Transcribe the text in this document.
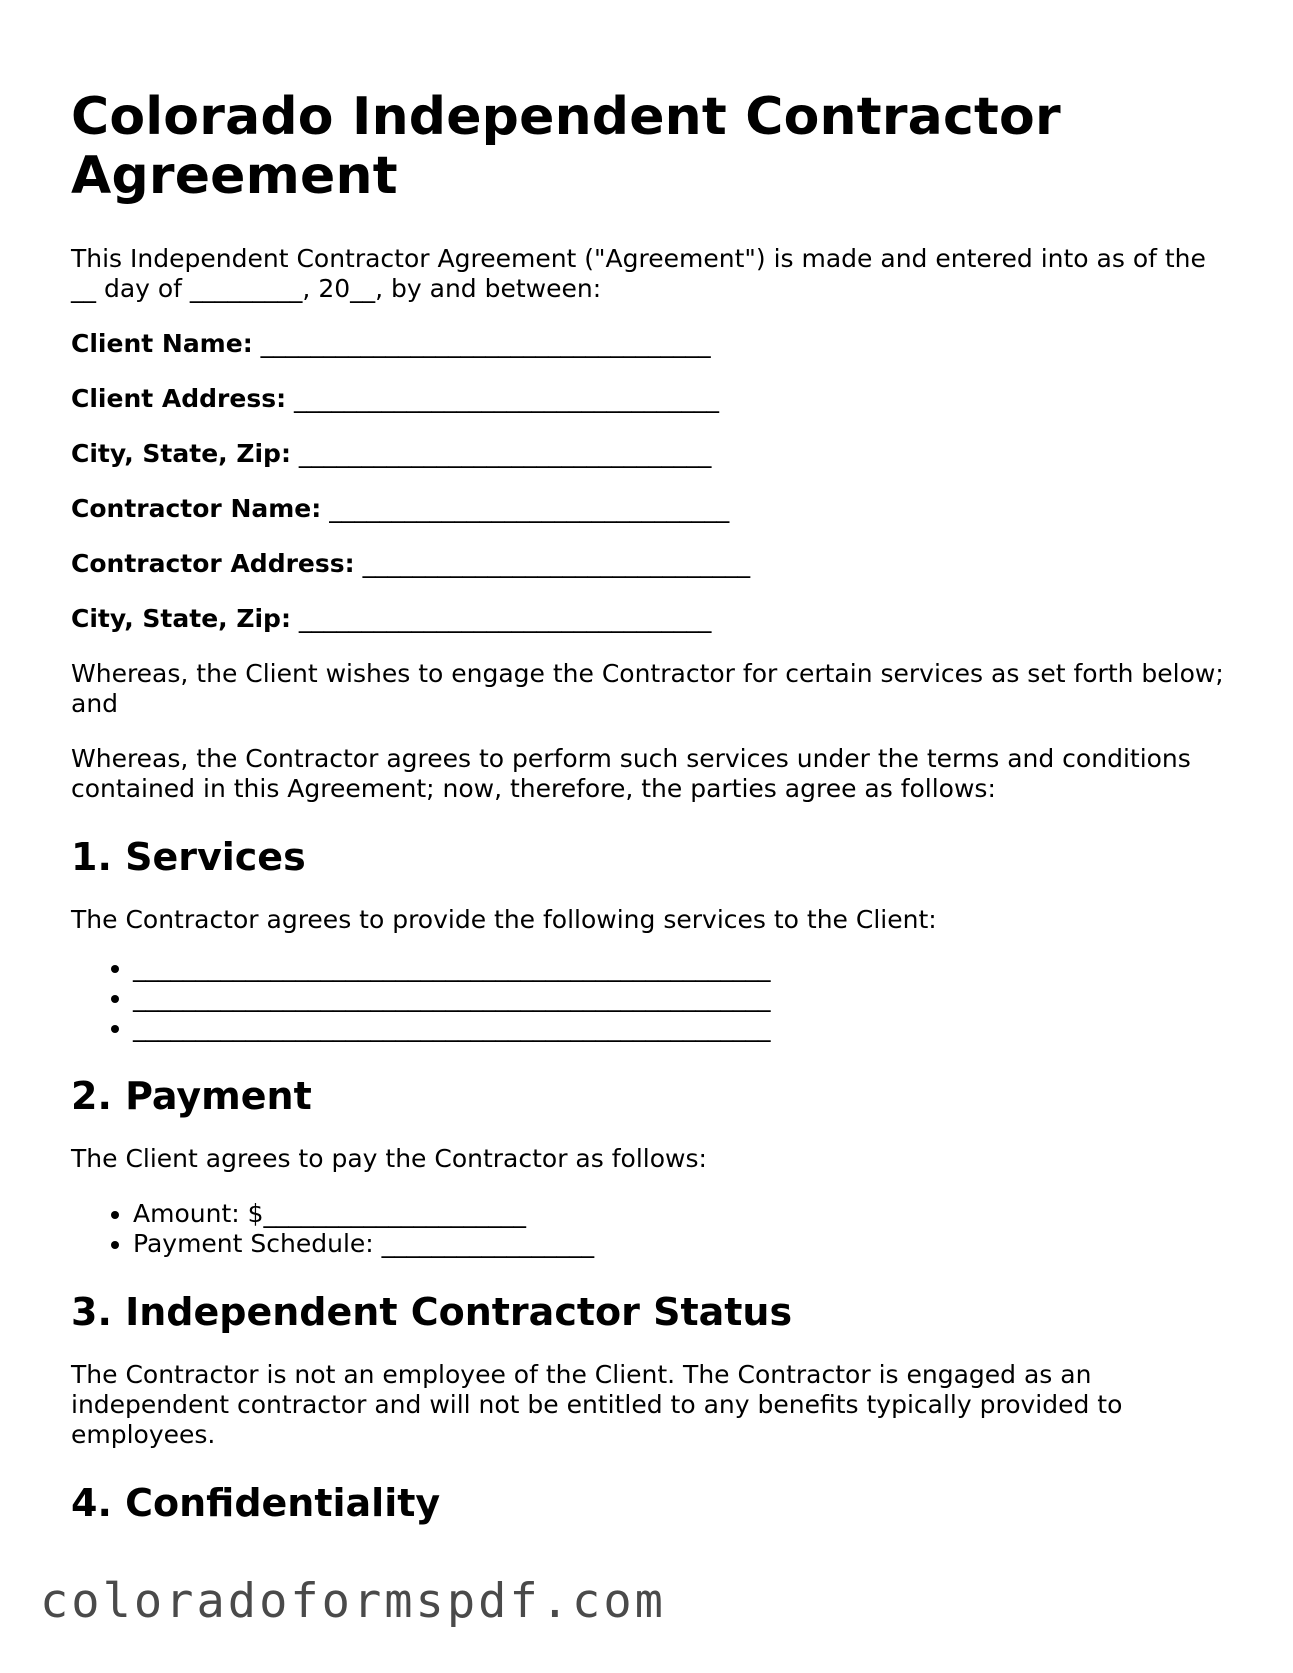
Colorado Independent Contractor Agreement

This Independent Contractor Agreement ("Agreement") is made and entered into as of the __ day of _________, 20__, by and between:

Client Name: ____________________________________
Client Address: __________________________________
City, State, Zip: _________________________________
Contractor Name: ________________________________
Contractor Address: _______________________________
City, State, Zip: _________________________________

Whereas, the Client wishes to engage the Contractor for certain services as set forth below; and

Whereas, the Contractor agrees to perform such services under the terms and conditions contained in this Agreement; now, therefore, the parties agree as follows:

1. Services

The Contractor agrees to provide the following services to the Client:

• ___________________________________________________
• ___________________________________________________
• ___________________________________________________
2. Payment

The Client agrees to pay the Contractor as follows:

• Amount: $_____________________
• Payment Schedule: _________________
3. Independent Contractor Status

The Contractor is not an employee of the Client. The Contractor is engaged as an independent contractor and will not be entitled to any benefits typically provided to employees.

4. Confidentiality
coloradoformspdf.com
